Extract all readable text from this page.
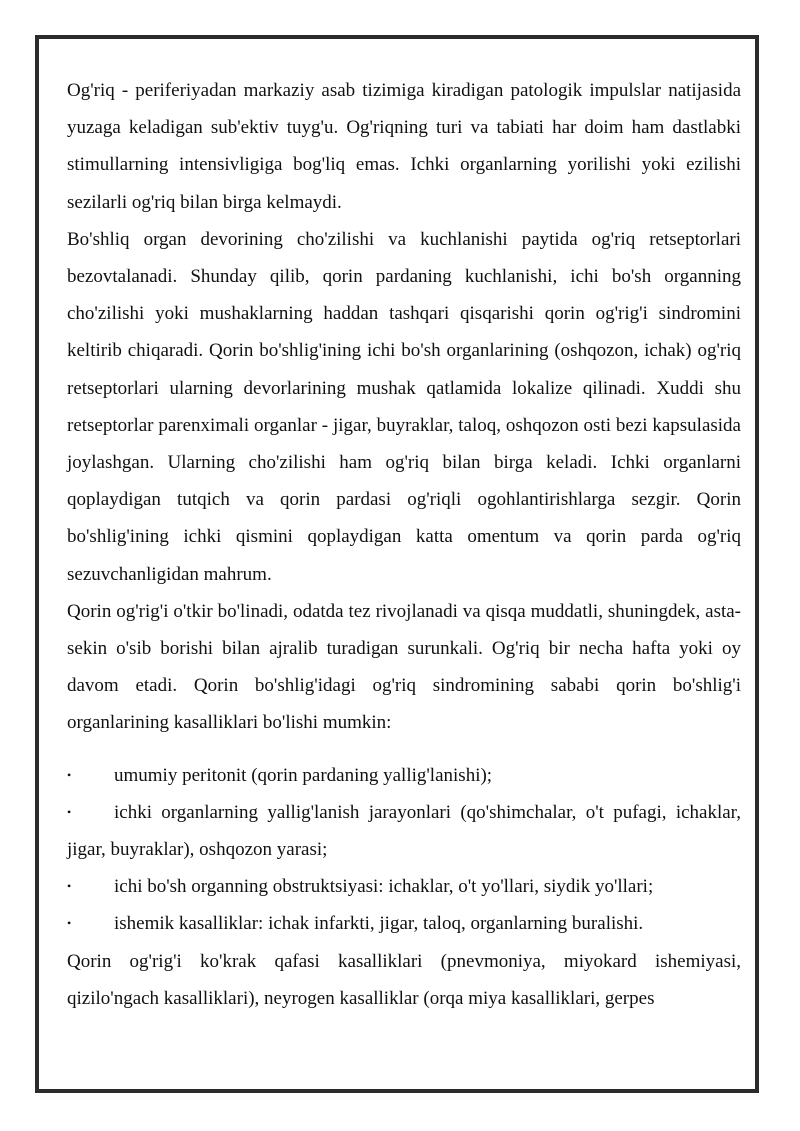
Og'riq - periferiyadan markaziy asab tizimiga kiradigan patologik impulslar natijasida yuzaga keladigan sub'ektiv tuyg'u. Og'riqning turi va tabiati har doim ham dastlabki stimullarning intensivligiga bog'liq emas. Ichki organlarning yorilishi yoki ezilishi sezilarli og'riq bilan birga kelmaydi.

Bo'shliq organ devorining cho'zilishi va kuchlanishi paytida og'riq retseptorlari bezovtalanadi. Shunday qilib, qorin pardaning kuchlanishi, ichi bo'sh organning cho'zilishi yoki mushaklarning haddan tashqari qisqarishi qorin og'rig'i sindromini keltirib chiqaradi. Qorin bo'shlig'ining ichi bo'sh organlarining (oshqozon, ichak) og'riq retseptorlari ularning devorlarining mushak qatlamida lokalize qilinadi. Xuddi shu retseptorlar parenximali organlar - jigar, buyraklar, taloq, oshqozon osti bezi kapsulasida joylashgan. Ularning cho'zilishi ham og'riq bilan birga keladi. Ichki organlarni qoplaydigan tutqich va qorin pardasi og'riqli ogohlantirishlarga sezgir. Qorin bo'shlig'ining ichki qismini qoplaydigan katta omentum va qorin parda og'riq sezuvchanligidan mahrum.

Qorin og'rig'i o'tkir bo'linadi, odatda tez rivojlanadi va qisqa muddatli, shuningdek, asta-sekin o'sib borishi bilan ajralib turadigan surunkali. Og'riq bir necha hafta yoki oy davom etadi. Qorin bo'shlig'idagi og'riq sindromining sababi qorin bo'shlig'i organlarining kasalliklari bo'lishi mumkin:

• umumiy peritonit (qorin pardaning yallig'lanishi);
• ichki organlarning yallig'lanish jarayonlari (qo'shimchalar, o't pufagi, ichaklar, jigar, buyraklar), oshqozon yarasi;
• ichi bo'sh organning obstruktsiyasi: ichaklar, o't yo'llari, siydik yo'llari;
• ishemik kasalliklar: ichak infarkti, jigar, taloq, organlarning buralishi.

Qorin og'rig'i ko'krak qafasi kasalliklari (pnevmoniya, miyokard ishemiyasi, qizilo'ngach kasalliklari), neyrogen kasalliklar (orqa miya kasalliklari, gerpes
